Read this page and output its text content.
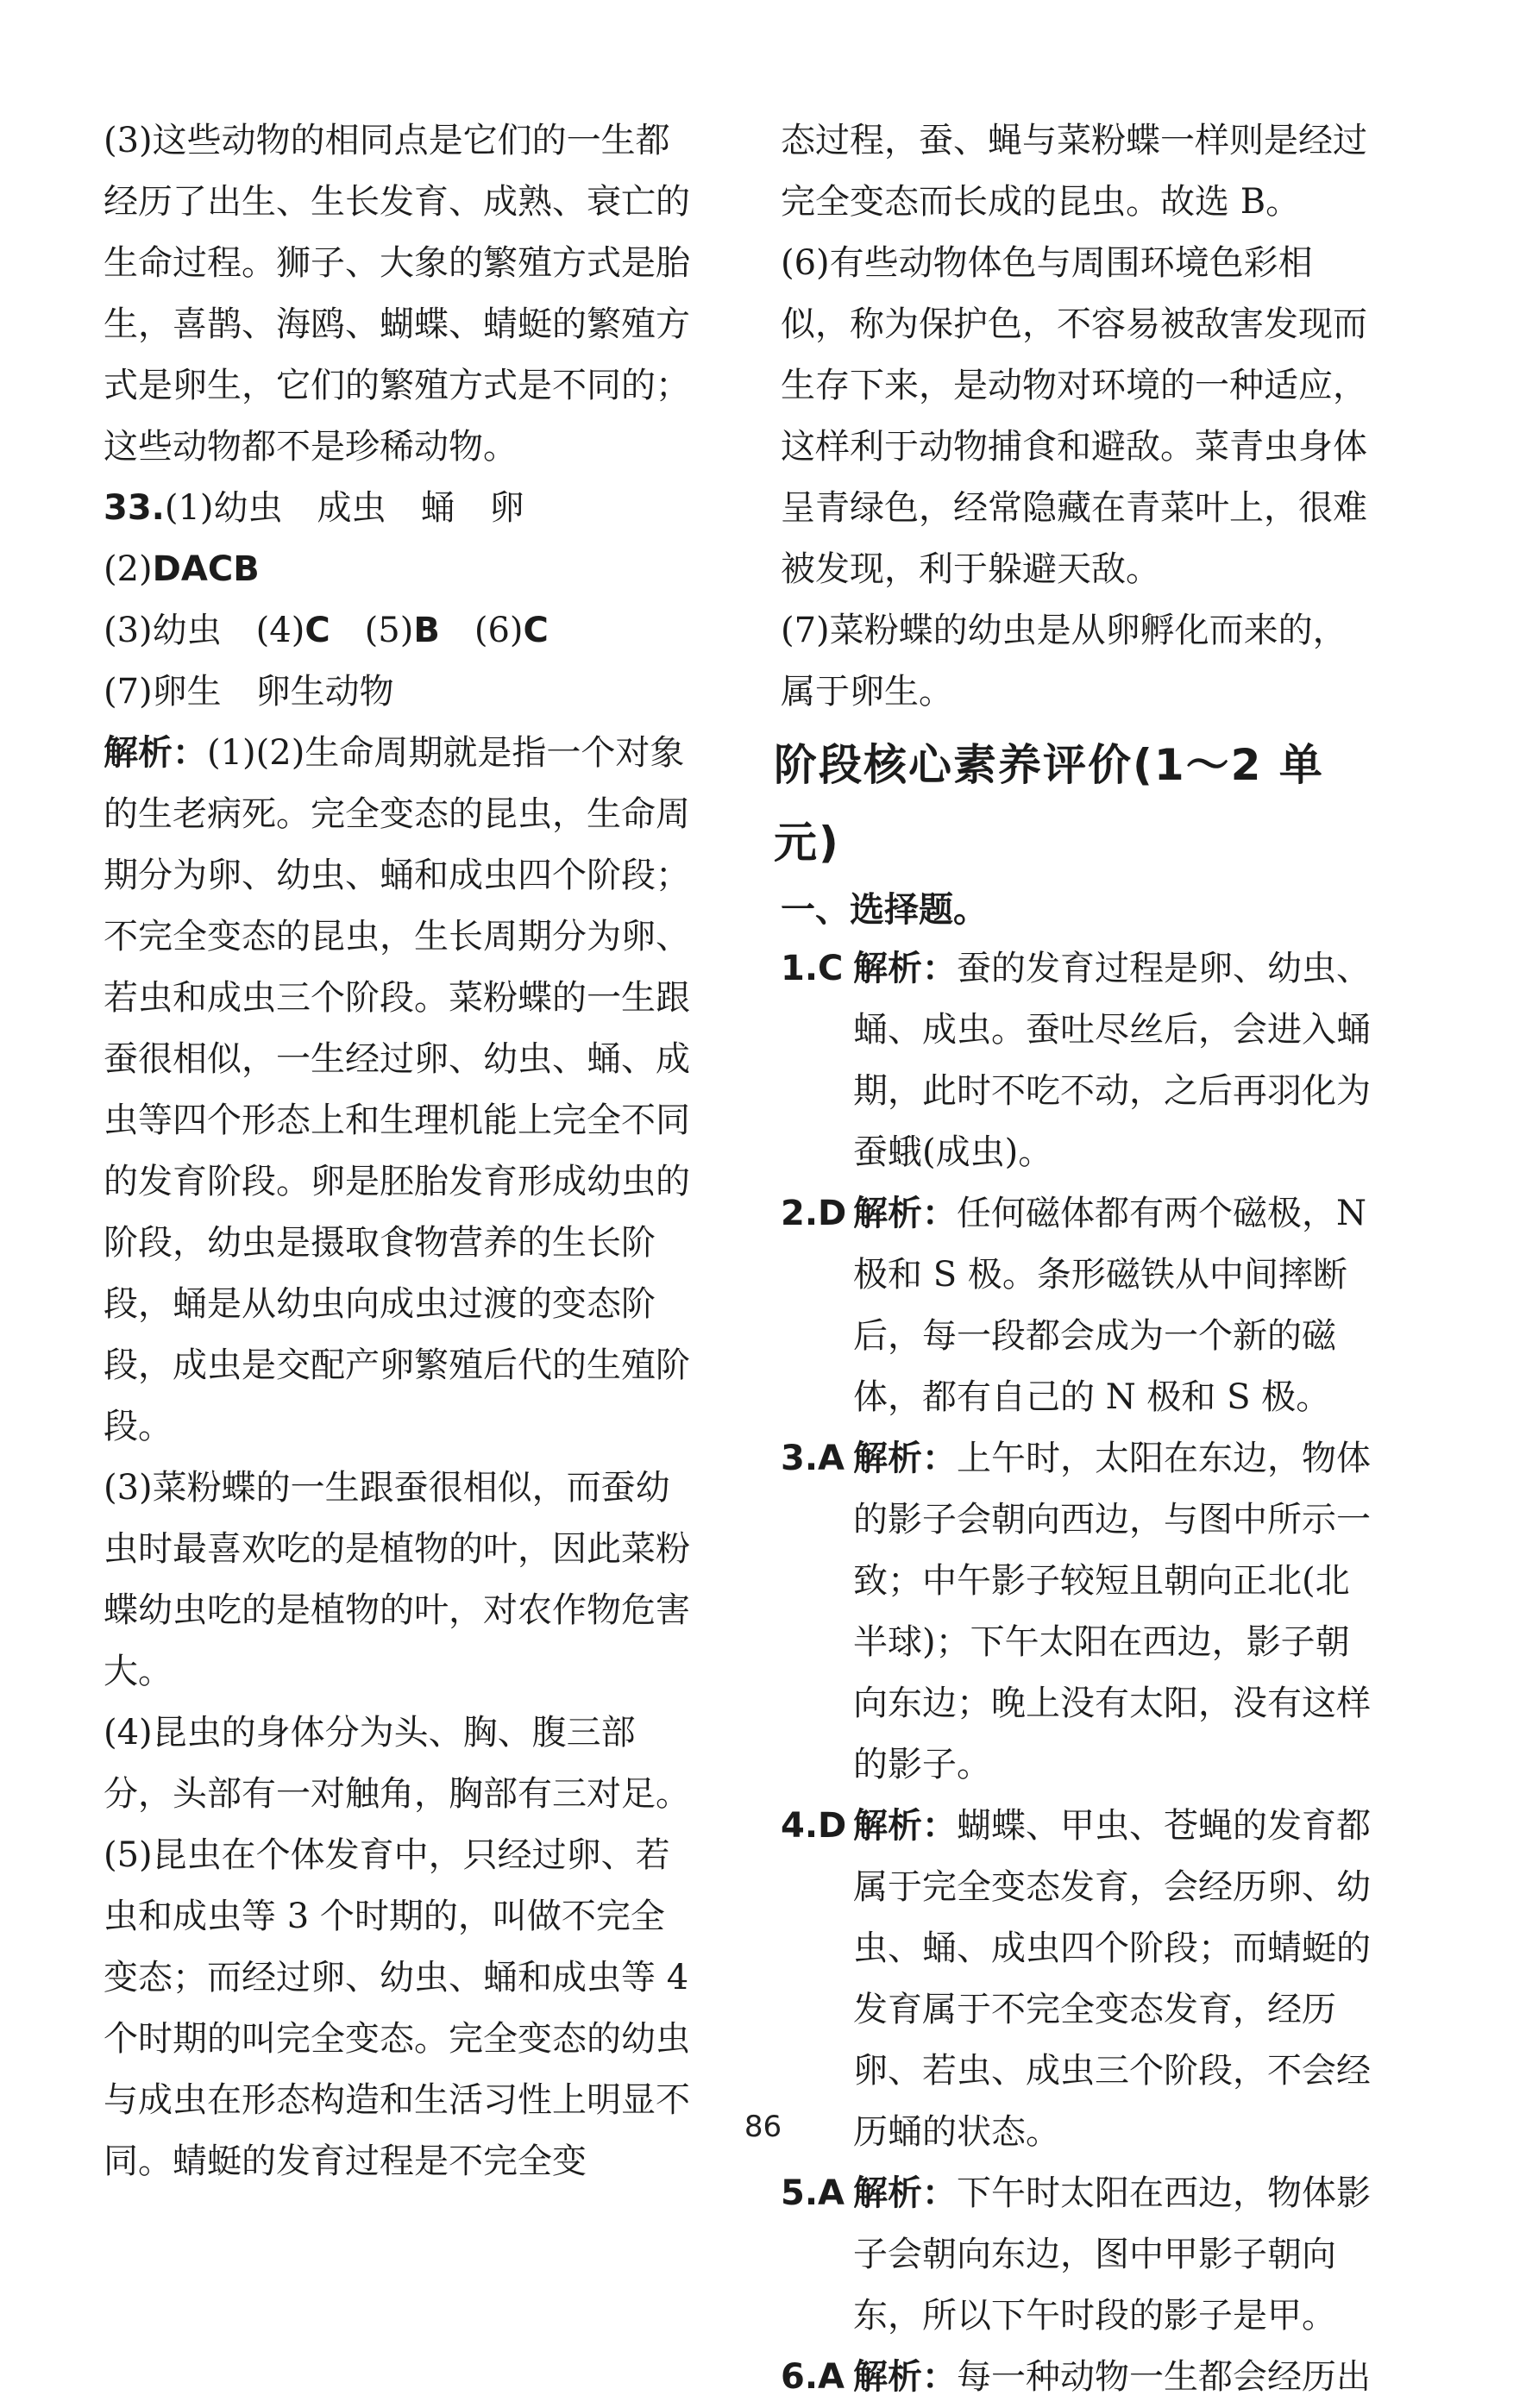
(3)这些动物的相同点是它们的一生都经历了出生、生长发育、成熟、衰亡的生命过程。狮子、大象的繁殖方式是胎生，喜鹊、海鸥、蝴蝶、蜻蜓的繁殖方式是卵生，它们的繁殖方式是不同的；这些动物都不是珍稀动物。

33.(1)幼虫　成虫　蛹　卵　(2)DACB
(3)幼虫　(4)C　(5)B　(6)C
(7)卵生　卵生动物

解析：(1)(2)生命周期就是指一个对象的生老病死。完全变态的昆虫，生命周期分为卵、幼虫、蛹和成虫四个阶段；不完全变态的昆虫，生长周期分为卵、若虫和成虫三个阶段。菜粉蝶的一生跟蚕很相似，一生经过卵、幼虫、蛹、成虫等四个形态上和生理机能上完全不同的发育阶段。卵是胚胎发育形成幼虫的阶段，幼虫是摄取食物营养的生长阶段，蛹是从幼虫向成虫过渡的变态阶段，成虫是交配产卵繁殖后代的生殖阶段。

(3)菜粉蝶的一生跟蚕很相似，而蚕幼虫时最喜欢吃的是植物的叶，因此菜粉蝶幼虫吃的是植物的叶，对农作物危害大。

(4)昆虫的身体分为头、胸、腹三部分，头部有一对触角，胸部有三对足。

(5)昆虫在个体发育中，只经过卵、若虫和成虫等 3 个时期的，叫做不完全变态；而经过卵、幼虫、蛹和成虫等 4 个时期的叫完全变态。完全变态的幼虫与成虫在形态构造和生活习性上明显不同。蜻蜓的发育过程是不完全变

态过程，蚕、蝇与菜粉蝶一样则是经过完全变态而长成的昆虫。故选 B。

(6)有些动物体色与周围环境色彩相似，称为保护色，不容易被敌害发现而生存下来，是动物对环境的一种适应，这样利于动物捕食和避敌。菜青虫身体呈青绿色，经常隐藏在青菜叶上，很难被发现，利于躲避天敌。

(7)菜粉蝶的幼虫是从卵孵化而来的，属于卵生。

阶段核心素养评价(1～2 单元)
一、选择题。
1.C 解析：蚕的发育过程是卵、幼虫、蛹、成虫。蚕吐尽丝后，会进入蛹期，此时不吃不动，之后再羽化为蚕蛾(成虫)。
2.D 解析：任何磁体都有两个磁极，N 极和 S 极。条形磁铁从中间摔断后，每一段都会成为一个新的磁体，都有自己的 N 极和 S 极。
3.A 解析：上午时，太阳在东边，物体的影子会朝向西边，与图中所示一致；中午影子较短且朝向正北(北半球)；下午太阳在西边，影子朝向东边；晚上没有太阳，没有这样的影子。
4.D 解析：蝴蝶、甲虫、苍蝇的发育都属于完全变态发育，会经历卵、幼虫、蛹、成虫四个阶段；而蜻蜓的发育属于不完全变态发育，经历卵、若虫、成虫三个阶段，不会经历蛹的状态。
5.A 解析：下午时太阳在西边，物体影子会朝向东边，图中甲影子朝向东，所以下午时段的影子是甲。
6.A 解析：每一种动物一生都会经历出
86
